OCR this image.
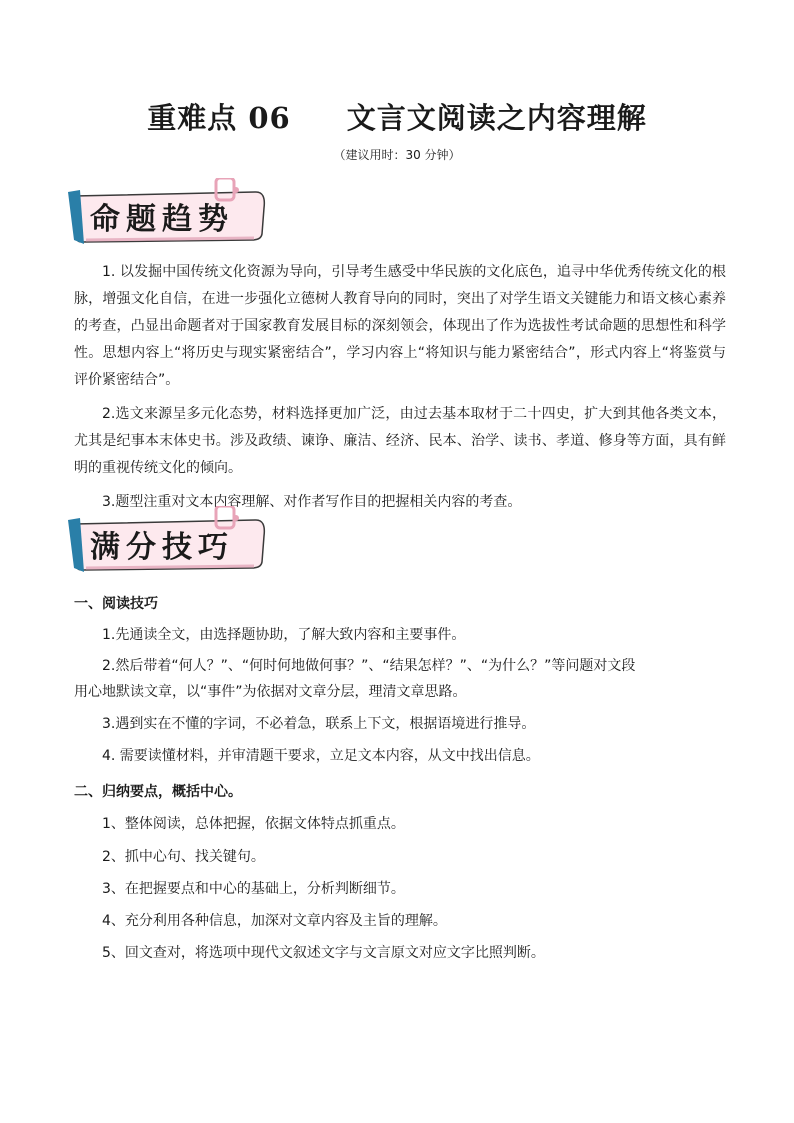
重难点 06 文言文阅读之内容理解
（建议用时：30 分钟）
命题趋势

1. 以发掘中国传统文化资源为导向，引导考生感受中华民族的文化底色，追寻中华优秀传统文化的根脉，增强文化自信，在进一步强化立德树人教育导向的同时，突出了对学生语文关键能力和语文核心素养的考查，凸显出命题者对于国家教育发展目标的深刻领会，体现出了作为选拔性考试命题的思想性和科学性。思想内容上“将历史与现实紧密结合”，学习内容上“将知识与能力紧密结合”，形式内容上“将鉴赏与评价紧密结合”。

2.选文来源呈多元化态势，材料选择更加广泛，由过去基本取材于二十四史，扩大到其他各类文本，尤其是纪事本末体史书。涉及政绩、谏诤、廉洁、经济、民本、治学、读书、孝道、修身等方面，具有鲜明的重视传统文化的倾向。

3.题型注重对文本内容理解、对作者写作目的把握相关内容的考查。

满分技巧
一、阅读技巧
1.先通读全文，由选择题协助，了解大致内容和主要事件。
2.然后带着“何人？”、“何时何地做何事？”、“结果怎样？”、“为什么？”等问题对文段
用心地默读文章，以“事件”为依据对文章分层，理清文章思路。
3.遇到实在不懂的字词，不必着急，联系上下文，根据语境进行推导。
4. 需要读懂材料，并审清题干要求，立足文本内容，从文中找出信息。
二、归纳要点，概括中心。
1、整体阅读，总体把握，依据文体特点抓重点。
2、抓中心句、找关键句。
3、在把握要点和中心的基础上，分析判断细节。
4、充分利用各种信息，加深对文章内容及主旨的理解。
5、回文查对，将选项中现代文叙述文字与文言原文对应文字比照判断。
